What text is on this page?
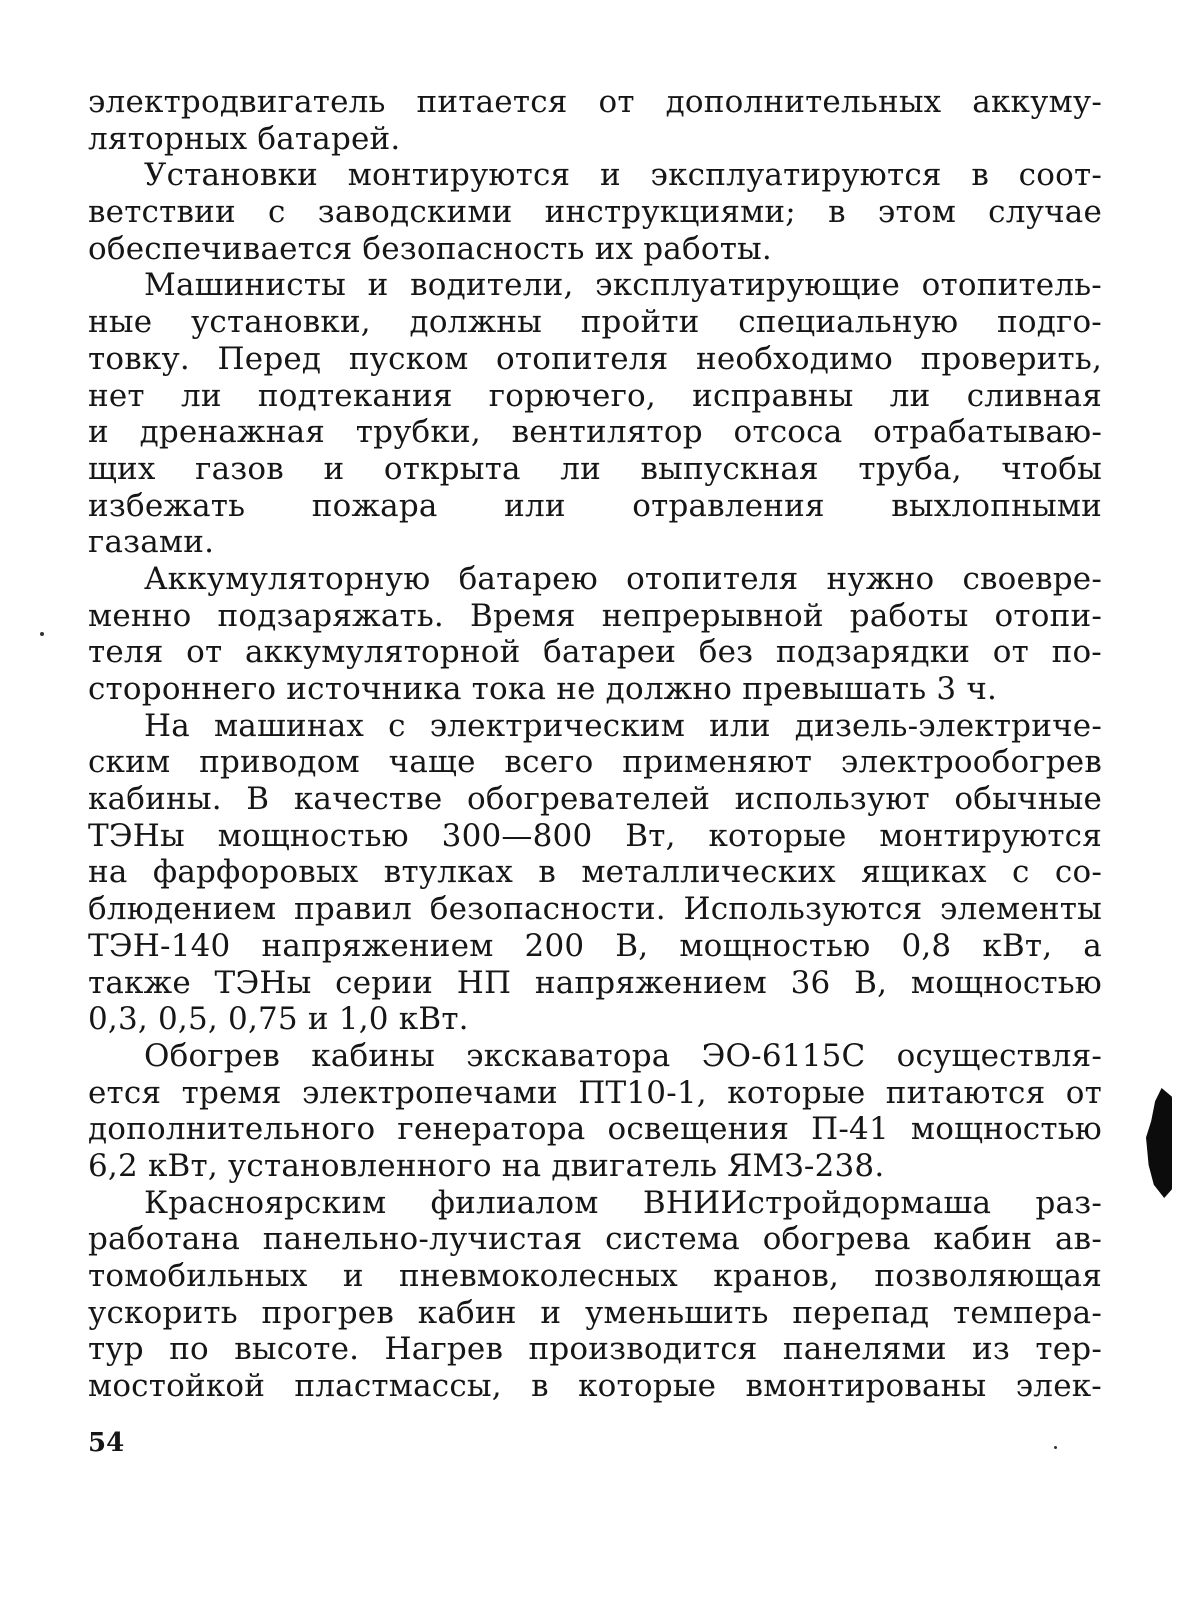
электродвигатель питается от дополнительных аккуму-
ляторных батарей.
Установки монтируются и эксплуатируются в соот-
ветствии с заводскими инструкциями; в этом случае
обеспечивается безопасность их работы.
Машинисты и водители, эксплуатирующие отопитель-
ные установки, должны пройти специальную подго-
товку. Перед пуском отопителя необходимо проверить,
нет ли подтекания горючего, исправны ли сливная
и дренажная трубки, вентилятор отсоса отрабатываю-
щих газов и открыта ли выпускная труба, чтобы
избежать пожара или отравления выхлопными
газами.
Аккумуляторную батарею отопителя нужно своевре-
менно подзаряжать. Время непрерывной работы отопи-
теля от аккумуляторной батареи без подзарядки от по-
стороннего источника тока не должно превышать 3 ч.
На машинах с электрическим или дизель-электриче-
ским приводом чаще всего применяют электрообогрев
кабины. В качестве обогревателей используют обычные
ТЭНы мощностью 300—800 Вт, которые монтируются
на фарфоровых втулках в металлических ящиках с со-
блюдением правил безопасности. Используются элементы
ТЭН-140 напряжением 200 В, мощностью 0,8 кВт, а
также ТЭНы серии НП напряжением 36 В, мощностью
0,3, 0,5, 0,75 и 1,0 кВт.
Обогрев кабины экскаватора ЭО-6115С осуществля-
ется тремя электропечами ПТ10-1, которые питаются от
дополнительного генератора освещения П-41 мощностью
6,2 кВт, установленного на двигатель ЯМЗ-238.
Красноярским филиалом ВНИИстройдормаша раз-
работана панельно-лучистая система обогрева кабин ав-
томобильных и пневмоколесных кранов, позволяющая
ускорить прогрев кабин и уменьшить перепад темпера-
тур по высоте. Нагрев производится панелями из тер-
мостойкой пластмассы, в которые вмонтированы элек-
54
